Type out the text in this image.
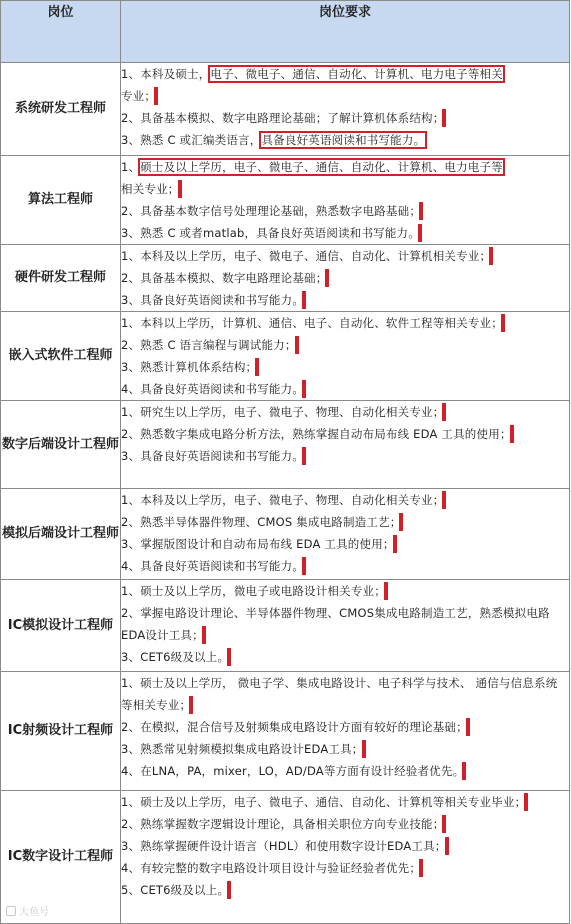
岗位	岗位要求
系统研发工程师	1、本科及硕士，电子、微电子、通信、自动化、计算机、电力电子等相关
专业；
2、具备基本模拟、数字电路理论基础；了解计算机体系结构；
3、熟悉 C 或汇编类语言，具备良好英语阅读和书写能力。

算法工程师	1、硕士及以上学历，电子、微电子、通信、自动化、计算机、电力电子等
相关专业；
2、具备基本数字信号处理理论基础，熟悉数字电路基础；
3、熟悉 C 或者matlab，具备良好英语阅读和书写能力。

硬件研发工程师	1、本科及以上学历，电子、微电子、通信、自动化、计算机相关专业；
2、具备基本模拟、数字电路理论基础；
3、具备良好英语阅读和书写能力。

嵌入式软件工程师	1、本科以上学历，计算机、通信、电子、自动化、软件工程等相关专业；
2、熟悉 C 语言编程与调试能力；
3、熟悉计算机体系结构；
4、具备良好英语阅读和书写能力。

数字后端设计工程师	1、研究生以上学历，电子、微电子、物理、自动化相关专业；
2、熟悉数字集成电路分析方法，熟练掌握自动布局布线 EDA 工具的使用；
3、具备良好英语阅读和书写能力。

模拟后端设计工程师	1、本科及以上学历，电子、微电子、物理、自动化相关专业；
2、熟悉半导体器件物理、CMOS 集成电路制造工艺；
3、掌握版图设计和自动布局布线 EDA 工具的使用；
4、具备良好英语阅读和书写能力。

IC模拟设计工程师	1、硕士及以上学历，微电子或电路设计相关专业；
2、掌握电路设计理论、半导体器件物理、CMOS集成电路制造工艺，熟悉模拟电路EDA设计工具；
3、CET6级及以上。

IC射频设计工程师	1、硕士及以上学历， 微电子学、集成电路设计、电子科学与技术、 通信与信息系统等相关专业；
2、在模拟，混合信号及射频集成电路设计方面有较好的理论基础；
3、熟悉常见射频模拟集成电路设计EDA工具；
4、在LNA，PA，mixer，LO，AD/DA等方面有设计经验者优先。

IC数字设计工程师	1、硕士及以上学历，电子、微电子、通信、自动化、计算机等相关专业毕业；
2、熟练掌握数字逻辑设计理论，具备相关职位方向专业技能；
3、熟练掌握硬件设计语言（HDL）和使用数字设计EDA工具；
4、有较完整的数字电路设计项目设计与验证经验者优先；
5、CET6级及以上。
大鱼号
